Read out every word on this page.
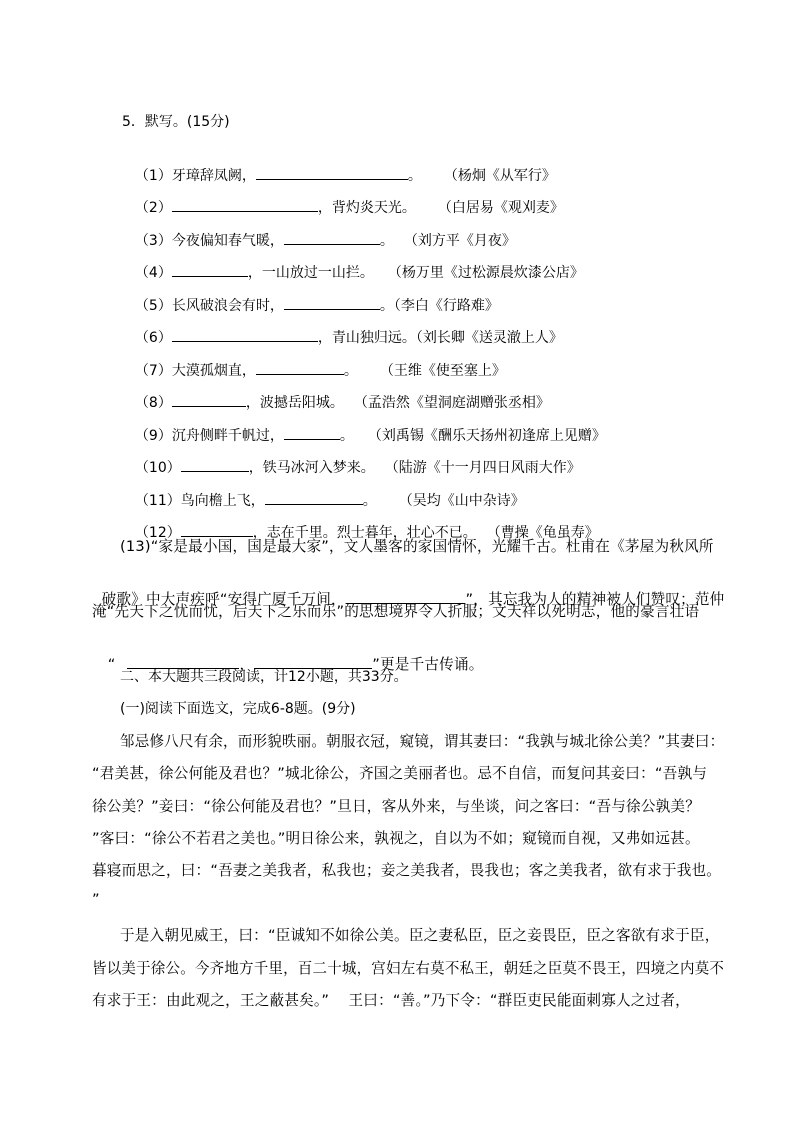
5．默写。(15分)

（1）牙璋辞凤阙，	。 （杨炯《从军行》

（2）	，背灼炎天光。 （白居易《观刈麦》

（3）今夜偏知春气暖，	。 （刘方平《月夜》

（4）	，一山放过一山拦。 （杨万里《过松源晨炊漆公店》

（5）长风破浪会有时，	。（李白《行路难》

（6）	，青山独归远。（刘长卿《送灵澈上人》

（7）大漠孤烟直，	。 （王维《使至塞上》

（8）	，波撼岳阳城。 （孟浩然《望洞庭湖赠张丞相》

（9）沉舟侧畔千帆过，	。 （刘禹锡《酬乐天扬州初逢席上见赠》

（10）	，铁马冰河入梦来。 （陆游《十一月四日风雨大作》

（11）鸟向檐上飞，	。 （吴均《山中杂诗》

（12）	，志在千里。烈士暮年，壮心不已。 （曹操《龟虽寿》

(13)“家是最小国，国是最大家”，文人墨客的家国情怀，光耀千古。杜甫在《茅屋为秋风所

破歌》中大声疾呼“安得广厦千万间，	”，其忘我为人的精神被人们赞叹；范仲

淹“先天下之忧而忧，后天下之乐而乐”的思想境界令人折服；文天祥以死明志，他的豪言壮语

“	，	”更是千古传诵。

二、本大题共三段阅读，计12小题，共33分。
(一)阅读下面选文，完成6-8题。(9分)
邹忌修八尺有余，而形貌昳丽。朝服衣冠，窥镜，谓其妻曰：“我孰与城北徐公美？”其妻曰：
“君美甚，徐公何能及君也？”城北徐公，齐国之美丽者也。忌不自信，而复问其妾曰：“吾孰与
徐公美？”妾曰：“徐公何能及君也？”旦日，客从外来，与坐谈，问之客曰：“吾与徐公孰美？
”客曰：“徐公不若君之美也。”明日徐公来，孰视之，自以为不如；窥镜而自视，又弗如远甚。
暮寝而思之，曰：“吾妻之美我者，私我也；妾之美我者，畏我也；客之美我者，欲有求于我也。
”
于是入朝见威王，曰：“臣诚知不如徐公美。臣之妻私臣，臣之妾畏臣，臣之客欲有求于臣，
皆以美于徐公。今齐地方千里，百二十城，宫妇左右莫不私王，朝廷之臣莫不畏王，四境之内莫不
有求于王：由此观之，王之蔽甚矣。”    王曰：“善。”乃下令：“群臣吏民能面刺寡人之过者，
